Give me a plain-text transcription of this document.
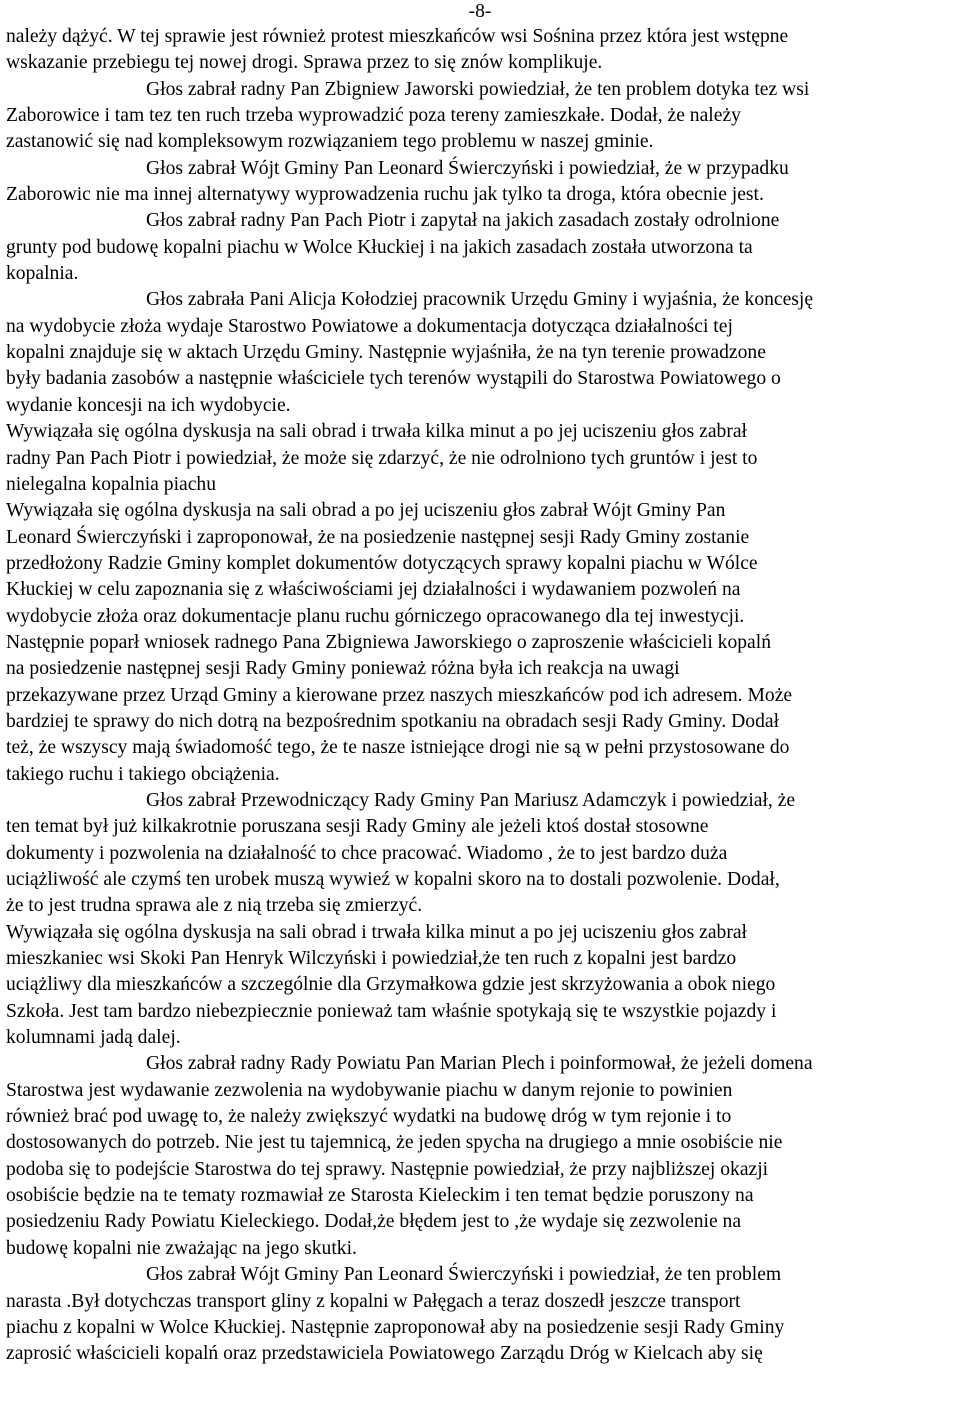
-8-
należy dążyć. W tej sprawie jest również protest mieszkańców wsi Sośnina przez która jest wstępne
wskazanie przebiegu tej nowej drogi. Sprawa przez to się znów komplikuje.
Głos zabrał radny Pan Zbigniew Jaworski powiedział, że ten problem dotyka tez wsi
Zaborowice i tam tez ten ruch trzeba wyprowadzić poza tereny zamieszkałe. Dodał, że należy
zastanowić się nad kompleksowym rozwiązaniem tego problemu w naszej gminie.
Głos zabrał Wójt Gminy Pan Leonard Świerczyński i powiedział, że w przypadku
Zaborowic nie ma innej alternatywy wyprowadzenia ruchu jak tylko ta droga, która obecnie jest.
Głos zabrał radny Pan Pach Piotr i zapytał na jakich zasadach zostały odrolnione
grunty pod budowę kopalni piachu w Wolce Kłuckiej i na jakich zasadach została utworzona ta
kopalnia.
Głos zabrała Pani Alicja Kołodziej pracownik Urzędu Gminy i wyjaśnia, że koncesję
na wydobycie złoża wydaje Starostwo Powiatowe a dokumentacja dotycząca działalności tej
kopalni znajduje się w aktach Urzędu Gminy. Następnie wyjaśniła, że na tyn terenie prowadzone
były badania zasobów a następnie właściciele tych terenów wystąpili do Starostwa Powiatowego o
wydanie koncesji na ich wydobycie.
Wywiązała się ogólna dyskusja na sali obrad i trwała kilka minut a po jej uciszeniu głos zabrał
radny Pan Pach Piotr i powiedział, że może się zdarzyć, że nie odrolniono tych gruntów i jest to
nielegalna kopalnia piachu
Wywiązała się ogólna dyskusja na sali obrad a po jej uciszeniu głos zabrał Wójt Gminy Pan
Leonard Świerczyński i zaproponował, że na posiedzenie następnej sesji Rady Gminy zostanie
przedłożony Radzie Gminy komplet dokumentów dotyczących sprawy kopalni piachu w Wólce
Kłuckiej w celu zapoznania się z właściwościami jej działalności i wydawaniem pozwoleń na
wydobycie złoża oraz dokumentacje planu ruchu górniczego opracowanego dla tej inwestycji.
Następnie poparł wniosek radnego Pana Zbigniewa Jaworskiego o zaproszenie właścicieli kopalń
na posiedzenie następnej sesji Rady Gminy ponieważ różna była ich reakcja na uwagi
przekazywane przez Urząd Gminy a kierowane przez naszych mieszkańców pod ich adresem. Może
bardziej te sprawy do nich dotrą na bezpośrednim spotkaniu na obradach sesji Rady Gminy. Dodał
też, że wszyscy mają świadomość tego, że te nasze istniejące drogi nie są w pełni przystosowane do
takiego ruchu i takiego obciążenia.
Głos zabrał Przewodniczący Rady Gminy Pan Mariusz Adamczyk i powiedział, że
ten temat był już kilkakrotnie poruszana sesji Rady Gminy ale jeżeli ktoś dostał stosowne
dokumenty i pozwolenia na działalność to chce pracować. Wiadomo , że to jest bardzo duża
uciążliwość ale czymś ten urobek muszą wywieź w kopalni skoro na to dostali pozwolenie. Dodał,
że to jest trudna sprawa ale z nią trzeba się zmierzyć.
Wywiązała się ogólna dyskusja na sali obrad i trwała kilka minut a po jej uciszeniu głos zabrał
mieszkaniec wsi Skoki Pan Henryk Wilczyński i powiedział,że ten ruch z kopalni jest bardzo
uciążliwy dla mieszkańców a szczególnie dla Grzymałkowa gdzie jest skrzyżowania a obok niego
Szkoła. Jest tam bardzo niebezpiecznie ponieważ tam właśnie spotykają się te wszystkie pojazdy i
kolumnami jadą dalej.
Głos zabrał radny Rady Powiatu Pan Marian Plech i poinformował, że jeżeli domena
Starostwa jest wydawanie zezwolenia na wydobywanie piachu w danym rejonie to powinien
również brać pod uwagę to, że należy zwiększyć wydatki na budowę dróg w tym rejonie i to
dostosowanych do potrzeb. Nie jest tu tajemnicą, że jeden spycha na drugiego a mnie osobiście nie
podoba się to podejście Starostwa do tej sprawy. Następnie powiedział, że przy najbliższej okazji
osobiście będzie na te tematy rozmawiał ze Starosta Kieleckim i ten temat będzie poruszony na
posiedzeniu Rady Powiatu Kieleckiego. Dodał,że błędem jest to ,że wydaje się zezwolenie na
budowę kopalni nie zważając na jego skutki.
Głos zabrał Wójt Gminy Pan Leonard Świerczyński i powiedział, że ten problem
narasta .Był dotychczas transport gliny z kopalni w Pałęgach a teraz doszedł jeszcze transport
piachu z kopalni w Wolce Kłuckiej. Następnie zaproponował aby na posiedzenie sesji Rady Gminy
zaprosić właścicieli kopalń oraz przedstawiciela Powiatowego Zarządu Dróg w Kielcach aby się
